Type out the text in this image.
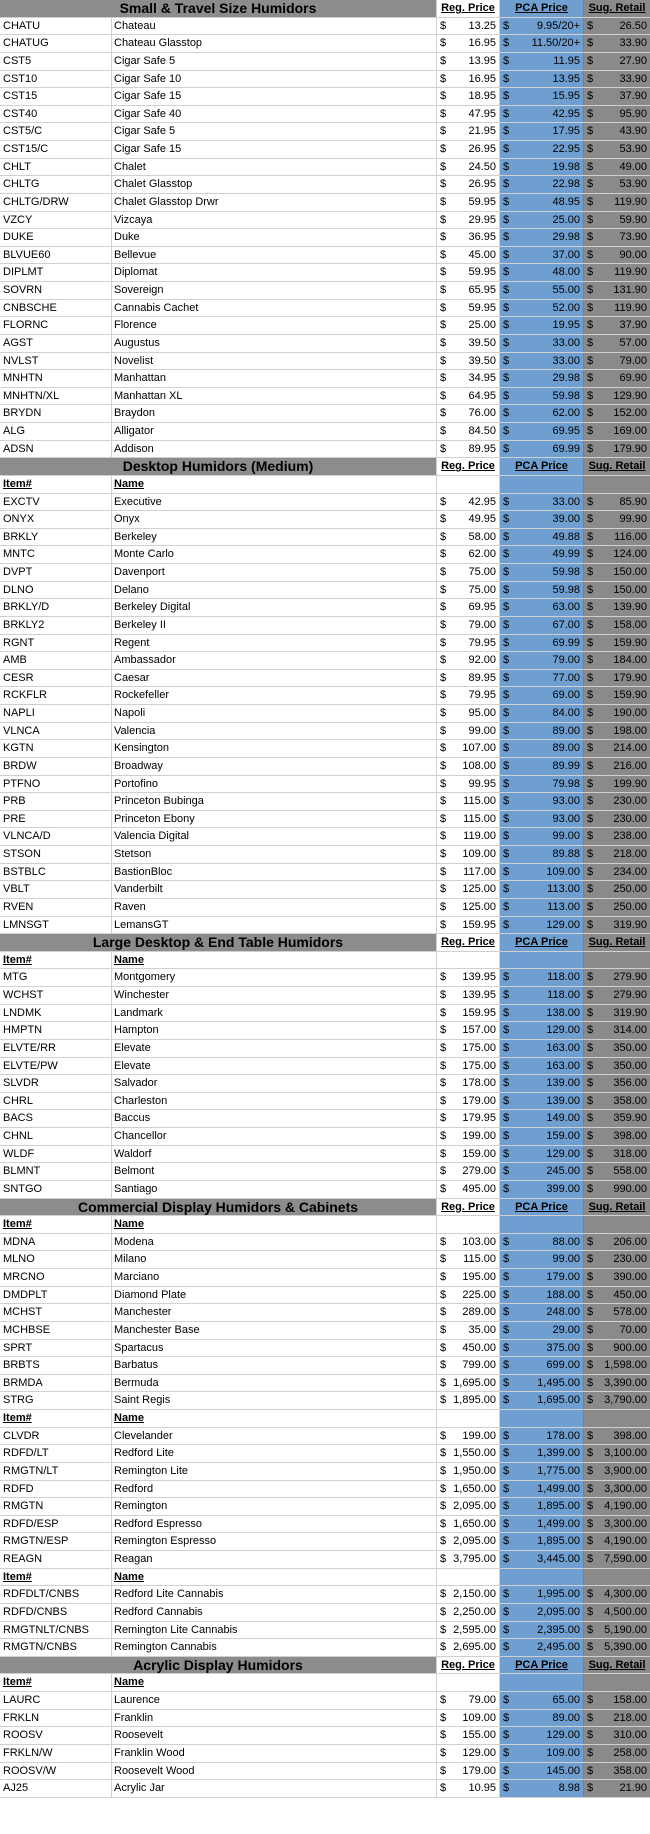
Small & Travel Size Humidors	Reg. Price	PCA Price	Sug. Retail
CHATU	Chateau	$ 13.25 $	9.95/20+ $ 26.50
CHATUG	Chateau Glasstop	$ 16.95 $ 11.50/20+ $ 33.90
CST5	Cigar Safe 5	$ 13.95 $	11.95 $ 27.90
CST10	Cigar Safe 10	$ 16.95 $	13.95 $ 33.90
CST15	Cigar Safe 15	$ 18.95 $	15.95 $ 37.90
CST40	Cigar Safe 40	$ 47.95 $	42.95 $ 95.90
CST5/C	Cigar Safe 5	$ 21.95 $	17.95 $ 43.90
CST15/C	Cigar Safe 15	$ 26.95 $	22.95 $ 53.90
CHLT	Chalet	$ 24.50 $	19.98 $ 49.00
CHLTG	Chalet Glasstop	$ 26.95 $	22.98 $ 53.90
CHLTG/DRW	Chalet Glasstop Drwr	$ 59.95 $	48.95 $ 119.90
VZCY	Vizcaya	$ 29.95 $	25.00 $ 59.90
DUKE	Duke	$ 36.95 $	29.98 $ 73.90
BLVUE60	Bellevue	$ 45.00 $	37.00 $ 90.00
DIPLMT	Diplomat	$ 59.95 $	48.00 $ 119.90
SOVRN	Sovereign	$ 65.95 $	55.00 $ 131.90
CNBSCHE	Cannabis Cachet	$ 59.95 $	52.00 $ 119.90
FLORNC	Florence	$ 25.00 $	19.95 $ 37.90
AGST	Augustus	$ 39.50 $	33.00 $ 57.00
NVLST	Novelist	$ 39.50 $	33.00 $ 79.00
MNHTN	Manhattan	$ 34.95 $	29.98 $ 69.90
MNHTN/XL	Manhattan XL	$ 64.95 $	59.98 $ 129.90
BRYDN	Braydon	$ 76.00 $	62.00 $ 152.00
ALG	Alligator	$ 84.50 $	69.95 $ 169.00
ADSN	Addison	$ 89.95 $	69.99 $ 179.90
Desktop Humidors (Medium)	Reg. Price	PCA Price	Sug. Retail
Item#	Name
EXCTV	Executive	$ 42.95 $	33.00 $ 85.90
ONYX	Onyx	$ 49.95 $	39.00 $ 99.90
BRKLY	Berkeley	$ 58.00 $	49.88 $ 116.00
MNTC	Monte Carlo	$ 62.00 $	49.99 $ 124.00
DVPT	Davenport	$ 75.00 $	59.98 $ 150.00
DLNO	Delano	$ 75.00 $	59.98 $ 150.00
BRKLY/D	Berkeley Digital	$ 69.95 $	63.00 $ 139.90
BRKLY2	Berkeley II	$ 79.00 $	67.00 $ 158.00
RGNT	Regent	$ 79.95 $	69.99 $ 159.90
AMB	Ambassador	$ 92.00 $	79.00 $ 184.00
CESR	Caesar	$ 89.95 $	77.00 $ 179.90
RCKFLR	Rockefeller	$ 79.95 $	69.00 $ 159.90
NAPLI	Napoli	$ 95.00 $	84.00 $ 190.00
VLNCA	Valencia	$ 99.00 $	89.00 $ 198.00
KGTN	Kensington	$ 107.00 $	89.00 $ 214.00
BRDW	Broadway	$ 108.00 $	89.99 $ 216.00
PTFNO	Portofino	$ 99.95 $	79.98 $ 199.90
PRB	Princeton Bubinga	$ 115.00 $	93.00 $ 230.00
PRE	Princeton Ebony	$ 115.00 $	93.00 $ 230.00
VLNCA/D	Valencia Digital	$ 119.00 $	99.00 $ 238.00
STSON	Stetson	$ 109.00 $	89.88 $ 218.00
BSTBLC	BastionBloc	$ 117.00 $	109.00 $ 234.00
VBLT	Vanderbilt	$ 125.00 $	113.00 $ 250.00
RVEN	Raven	$ 125.00 $	113.00 $ 250.00
LMNSGT	LemansGT	$ 159.95 $	129.00 $ 319.90
Large Desktop & End Table Humidors	Reg. Price	PCA Price	Sug. Retail
Item#	Name
MTG	Montgomery	$ 139.95 $	118.00 $ 279.90
WCHST	Winchester	$ 139.95 $	118.00 $ 279.90
LNDMK	Landmark	$ 159.95 $	138.00 $ 319.90
HMPTN	Hampton	$ 157.00 $	129.00 $ 314.00
ELVTE/RR	Elevate	$ 175.00 $	163.00 $ 350.00
ELVTE/PW	Elevate	$ 175.00 $	163.00 $ 350.00
SLVDR	Salvador	$ 178.00 $	139.00 $ 356.00
CHRL	Charleston	$ 179.00 $	139.00 $ 358.00
BACS	Baccus	$ 179.95 $	149.00 $ 359.90
CHNL	Chancellor	$ 199.00 $	159.00 $ 398.00
WLDF	Waldorf	$ 159.00 $	129.00 $ 318.00
BLMNT	Belmont	$ 279.00 $	245.00 $ 558.00
SNTGO	Santiago	$ 495.00 $	399.00 $ 990.00
Commercial Display Humidors & Cabinets	Reg. Price	PCA Price	Sug. Retail
Item#	Name
MDNA	Modena	$ 103.00 $	88.00 $ 206.00
MLNO	Milano	$ 115.00 $	99.00 $ 230.00
MRCNO	Marciano	$ 195.00 $	179.00 $ 390.00
DMDPLT	Diamond Plate	$ 225.00 $	188.00 $ 450.00
MCHST	Manchester	$ 289.00 $	248.00 $ 578.00
MCHBSE	Manchester Base	$ 35.00 $	29.00 $ 70.00
SPRT	Spartacus	$ 450.00 $	375.00 $ 900.00
BRBTS	Barbatus	$ 799.00 $	699.00 $ 1,598.00
BRMDA	Bermuda	$ 1,695.00 $	1,495.00 $ 3,390.00
STRG	Saint Regis	$ 1,895.00 $	1,695.00 $ 3,790.00
Item#	Name
CLVDR	Clevelander	$ 199.00 $	178.00 $ 398.00
RDFD/LT	Redford Lite	$ 1,550.00 $	1,399.00 $ 3,100.00
RMGTN/LT	Remington Lite	$ 1,950.00 $	1,775.00 $ 3,900.00
RDFD	Redford	$ 1,650.00 $	1,499.00 $ 3,300.00
RMGTN	Remington	$ 2,095.00 $	1,895.00 $ 4,190.00
RDFD/ESP	Redford Espresso	$ 1,650.00 $	1,499.00 $ 3,300.00
RMGTN/ESP	Remington Espresso	$ 2,095.00 $	1,895.00 $ 4,190.00
REAGN	Reagan	$ 3,795.00 $	3,445.00 $ 7,590.00
Item#	Name
RDFDLT/CNBS	Redford Lite Cannabis	$ 2,150.00 $	1,995.00 $ 4,300.00
RDFD/CNBS	Redford Cannabis	$ 2,250.00 $	2,095.00 $ 4,500.00
RMGTNLT/CNBS	Remington Lite Cannabis	$ 2,595.00 $	2,395.00 $ 5,190.00
RMGTN/CNBS	Remington Cannabis	$ 2,695.00 $	2,495.00 $ 5,390.00
Acrylic Display Humidors	Reg. Price	PCA Price	Sug. Retail
Item#	Name
LAURC	Laurence	$ 79.00 $	65.00 $ 158.00
FRKLN	Franklin	$ 109.00 $	89.00 $ 218.00
ROOSV	Roosevelt	$ 155.00 $	129.00 $ 310.00
FRKLN/W	Franklin Wood	$ 129.00 $	109.00 $ 258.00
ROOSV/W	Roosevelt Wood	$ 179.00 $	145.00 $ 358.00
AJ25	Acrylic Jar	$ 10.95 $	8.98 $ 21.90
